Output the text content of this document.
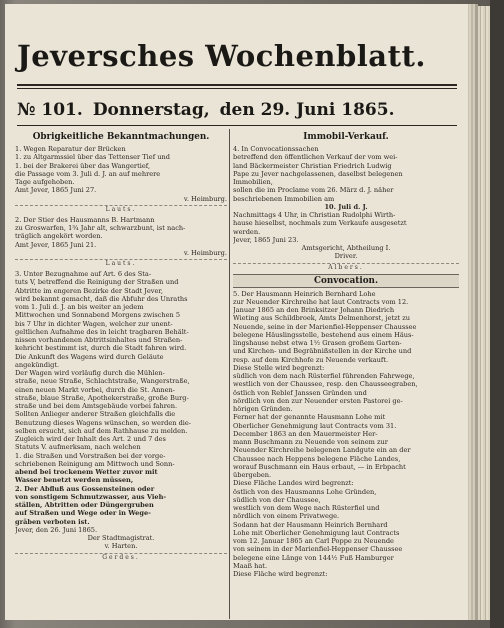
Jeversches Wochenblatt.
№ 101. Donnerstag, den 29. Juni 1865.
Obrigkeitliche Bekanntmachungen.
1. Wegen Reparatur der Brücken
1. zu Altgarmssiel über das Tettenser Tief und
1. bei der Brakerei über das Wangertief,
die Passage vom 3. Juli d. J. an auf mehrere
Tage aufgehoben.
Amt Jever, 1865 Juni 27.
v. Heimburg.
Lauts.
2. Der Stier des Hausmanns B. Hartmann
zu Groswarfen, 1¾ Jahr alt, schwarzbunt, ist nach-
träglich angekört worden.
Amt Jever, 1865 Juni 21.
v. Heimburg.
Lauts.
3. Unter Bezugnahme auf Art. 6 des Sta-
tuts V, betreffend die Reinigung der Straßen und
Abtritte im engeren Bezirke der Stadt Jever,
wird bekannt gemacht, daß die Abfuhr des Unraths
vom 1. Juli d. J. an bis weiter an jedem
Mittwochen und Sonnabend Morgens zwischen 5
bis 7 Uhr in dichter Wagen, welcher zur unent-
geltlichen Aufnahme des in leicht tragbaren Behält-
nissen vorhandenen Abtrittsinhaltes und Straßen-
kehricht bestimmt ist, durch die Stadt fahren wird.
Die Ankunft des Wagens wird durch Geläute
angekündigt.
Der Wagen wird vorläufig durch die Mühlen-
straße, neue Straße, Schlachtstraße, Wangerstraße,
einen neuen Markt vorbei, durch die St. Annen-
straße, blaue Straße, Apothekerstraße, große Burg-
straße und bei dem Amtsgebäude vorbei fahren.
Sollten Anlieger anderer Straßen gleichfalls die
Benutzung dieses Wagens wünschen, so werden die-
selben ersucht, sich auf dem Rathhause zu melden.
Zugleich wird der Inhalt des Art. 2 und 7 des
Statuts V. aufmerksam, nach welchen
1. die Straßen und Vorstraßen bei der vorge-
schriebenen Reinigung am Mittwoch und Sonn-
abend bei trockenem Wetter zuvor mit
Wasser benetzt werden müssen,
2. Der Abfluß aus Gossensteinen oder
von sonstigem Schmutzwasser, aus Vieh-
ställen, Abtritten oder Düngergruben
auf Straßen und Wege oder in Wege-
gräben verboten ist.
Jever, den 26. Juni 1865.
Der Stadtmagistrat.
v. Harten.
Gerdes.
Immobil-Verkauf.
4. In Convocationssachen
betreffend den öffentlichen Verkauf der vom wei-
land Bäckermeister Christian Friedrich Ludwig
Pape zu Jever nachgelassenen, daselbst belegenen
Immobilien,
sollen die im Proclame vom 26. März d. J. näher
beschriebenen Immobilien am
10. Juli d. J.
Nachmittags 4 Uhr, in Christian Rudolphi Wirth-
hause hieselbst, nochmals zum Verkaufe ausgesetzt
werden.
Jever, 1865 Juni 23.
Amtsgericht, Abtheilung I.
Driver.
Albers.
Convocation.
5. Der Hausmann Heinrich Bernhard Lohe
zur Neuender Kirchreihe hat laut Contracts vom 12.
Januar 1865 an den Brinksitzer Johann Diedrich
Wieting aus Schildbroek, Amts Delmenhorst, jetzt zu
Neuende, seine in der Marienfiel-Heppenser Chaussee
belegene Häuslingsstelle, bestehend aus einem Häus-
lingshause nebst etwa 1½ Grasen großem Garten-
und Kirchen- und Begräbnißstellen in der Kirche und
resp. auf dem Kirchhofe zu Neuende verkauft.
Diese Stelle wird begrenzt:
südlich von dem nach Rüsterfiel führenden Fahrwege,
westlich von der Chaussee, resp. den Chausseegraben,
östlich von Reblef Janssen Gründen und
nördlich von den zur Neuender ersten Pastorei ge-
hörigen Gründen.
Ferner hat der genannte Hausmann Lohe mit
Oberlicher Genehmigung laut Contracts vom 31.
December 1863 an den Mauermeister Her-
mann Buschmann zu Neuende von seinem zur
Neuender Kirchreihe belegenen Landgute ein an der
Chaussee nach Heppens belegene Fläche Landes,
worauf Buschmann ein Haus erbaut, — in Erbpacht
übergeben.
Diese Fläche Landes wird begrenzt:
östlich von des Hausmanns Lohe Gründen,
südlich von der Chaussee,
westlich von dem Wege nach Rüsterfiel und
nördlich von einem Privatwege.
Sodann hat der Hausmann Heinrich Bernhard
Lohe mit Oberlicher Genehmigung laut Contracts
vom 12. Januar 1865 an Carl Poppe zu Neuende
von seinem in der Marienfiel-Heppenser Chaussee
belegene eine Länge von 144½ Fuß Hamburger
Maaß hat.
Diese Fläche wird begrenzt:
